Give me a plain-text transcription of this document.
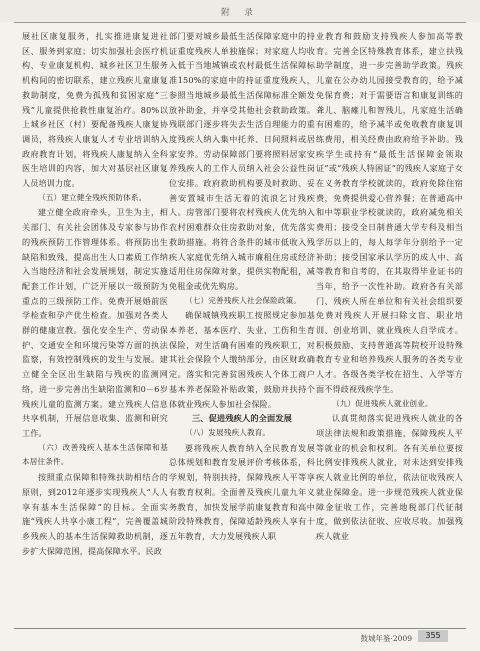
附 录

展社区康复服务，扎实推进康复进社区、服务到家庭；切实加强社会医疗机构、专业康复机构、城乡社区卫生服务机构间的密切联系，建立残疾儿童康复救助制度，免费为孤残和贫困家庭“三残”儿童提供抢救性康复治疗。80%以上城乡社区（村）要配备残疾人康复协调员，将残疾人康复人才专业培训纳入政府教育计划，将残疾人康复纳入全科医生培训的内容，加大对基层社区康复人员培训力度。

（五）建立健全残疾预防体系。

建立健全政府牵头，卫生为主，相关部门、有关社会团体及专家参与协作的残疾预防工作管理体系。将预防出生缺陷和致残、提高出生人口素质工作纳入当地经济和社会发展规划，制定实施配套工作计划，广泛开展以一级预防为重点的三级预防工作。免费开展婚前医学检查和孕产优生检查。加强对各类人群的健康宣教。强化安全生产、劳动保护、交通安全和环境污染等方面的执法监察，有效控制残疾的发生与发展。建立健全全区出生缺陷与残疾的监测网络，进一步完善出生缺陷监测和0－6岁残疾儿童的监测方案。建立残疾人信息共享机制，开展信息收集、监测和研究工作。

（六）改善残疾人基本生活保障和基本居住条件。

按照重点保障和特殊扶助相结合的原则，到2012年逐步实现残疾人“人人享有基本生活保障”的目标。全面实施“残疾人共享小康工程”，完善覆盖城乡残疾人的基本生活保障救助机制，逐步扩大保障范围，提高保障水平。民政

部门要对城乡最低生活保障家庭中的持证重度残疾人单独施保；对家庭人均收入低于当地城镇或农村最低生活保障标准150%的家庭中的持证重度残疾人，参照当地城乡最低生活保障标准全额发放补助金，并享受其他社会救助政策。残联部门逐步将失去生活自理能力的重度残疾人纳入集中托养、日间照料或居家安养。劳动保障部门要将照料居家安养残疾人的工作人员纳入社会公益性岗位安排。政府救助机构要及时救助、妥善安置城市生活无着的流浪乞讨残疾人。房管部门要将农村残疾人优先纳入农村困难群众住房救助对象，优先落实救助措施。将符合条件的城市低收入残疾人家庭优先纳入城市廉租住房或经济适用住房保障对象，提供实物配租，减免租金或优先购房。

（七）完善残疾人社会保险政策。

确保城镇残疾职工按照规定参加基本养老、基本医疗、失业、工伤和生育保险，对生活确有困难的残疾职工，对其社会保险个人缴纳部分，由区财政确定。落实和完善贫困残疾人个体工商户基本养老保险补贴政策，鼓励并扶持个体就业残疾人参加社会保险。

三、促进残疾人的全面发展

（八）发展残疾人教育。

要将残疾人教育纳入全民教育发展总体规划和教育发展评价考核体系，科学规划，特别扶持，保障残疾人平等享有教育权利。全面普及残疾儿童九年义务教育，加快发展学前康复教育和高中阶段特殊教育，保障适龄残疾人享有十五年教育，大力发展残疾人职

业教育和鼓励支持残疾人参加高等教育。完善全区特殊教育体系，建立扶残助学制度，进一步完善助学政策。残疾儿童在公办幼儿园接受教育的，给予减免保育费；对于需要语言和康复训练的聋儿、脑瘫儿和智残儿，凡家庭生活确有困难的，给予减半或免收教育康复训练费用，相关经费由政府给予补助。残疾学生或持有“最低生活保障金领取证”或“残疾人特困证”的残疾人家庭子女在义务教育学校就读的，政府免除住宿费，免费提供爱心营养餐；在普通高中和中等职业学校就读的，政府减免相关费用；接受全日制普通大学专科及相当学历以上的，每人每学年分别给予一定补助；接受国家承认学历的成人中、高等教育和自考的，在其取得毕业证书的当年，给予一次性补助。政府各有关部门、残疾人所在单位和有关社会组织要免费对残疾人开展扫除文盲、职业培训、创业培训、就业残疾人自学成才。积极鼓励、支持普通高等院校开设特殊教育专业和培养残疾人服务的各类专业人才。各级各类学校在招生、入学等方面不得歧视残疾学生。

（九）促进残疾人就业创业。

认真贯彻落实促进残疾人就业的各项法律法规和政策措施，保障残疾人平等就业的机会和权利。各有关单位要按比例安排残疾人就业，对未达到安排残疾人就业比例的单位，依法征收残疾人就业保障金。进一步规范残疾人就业保障金征收工作，完善地税部门代征制度，做到依法征收、应收尽收。加强残疾人就业

鼓城年鉴·2009	355
